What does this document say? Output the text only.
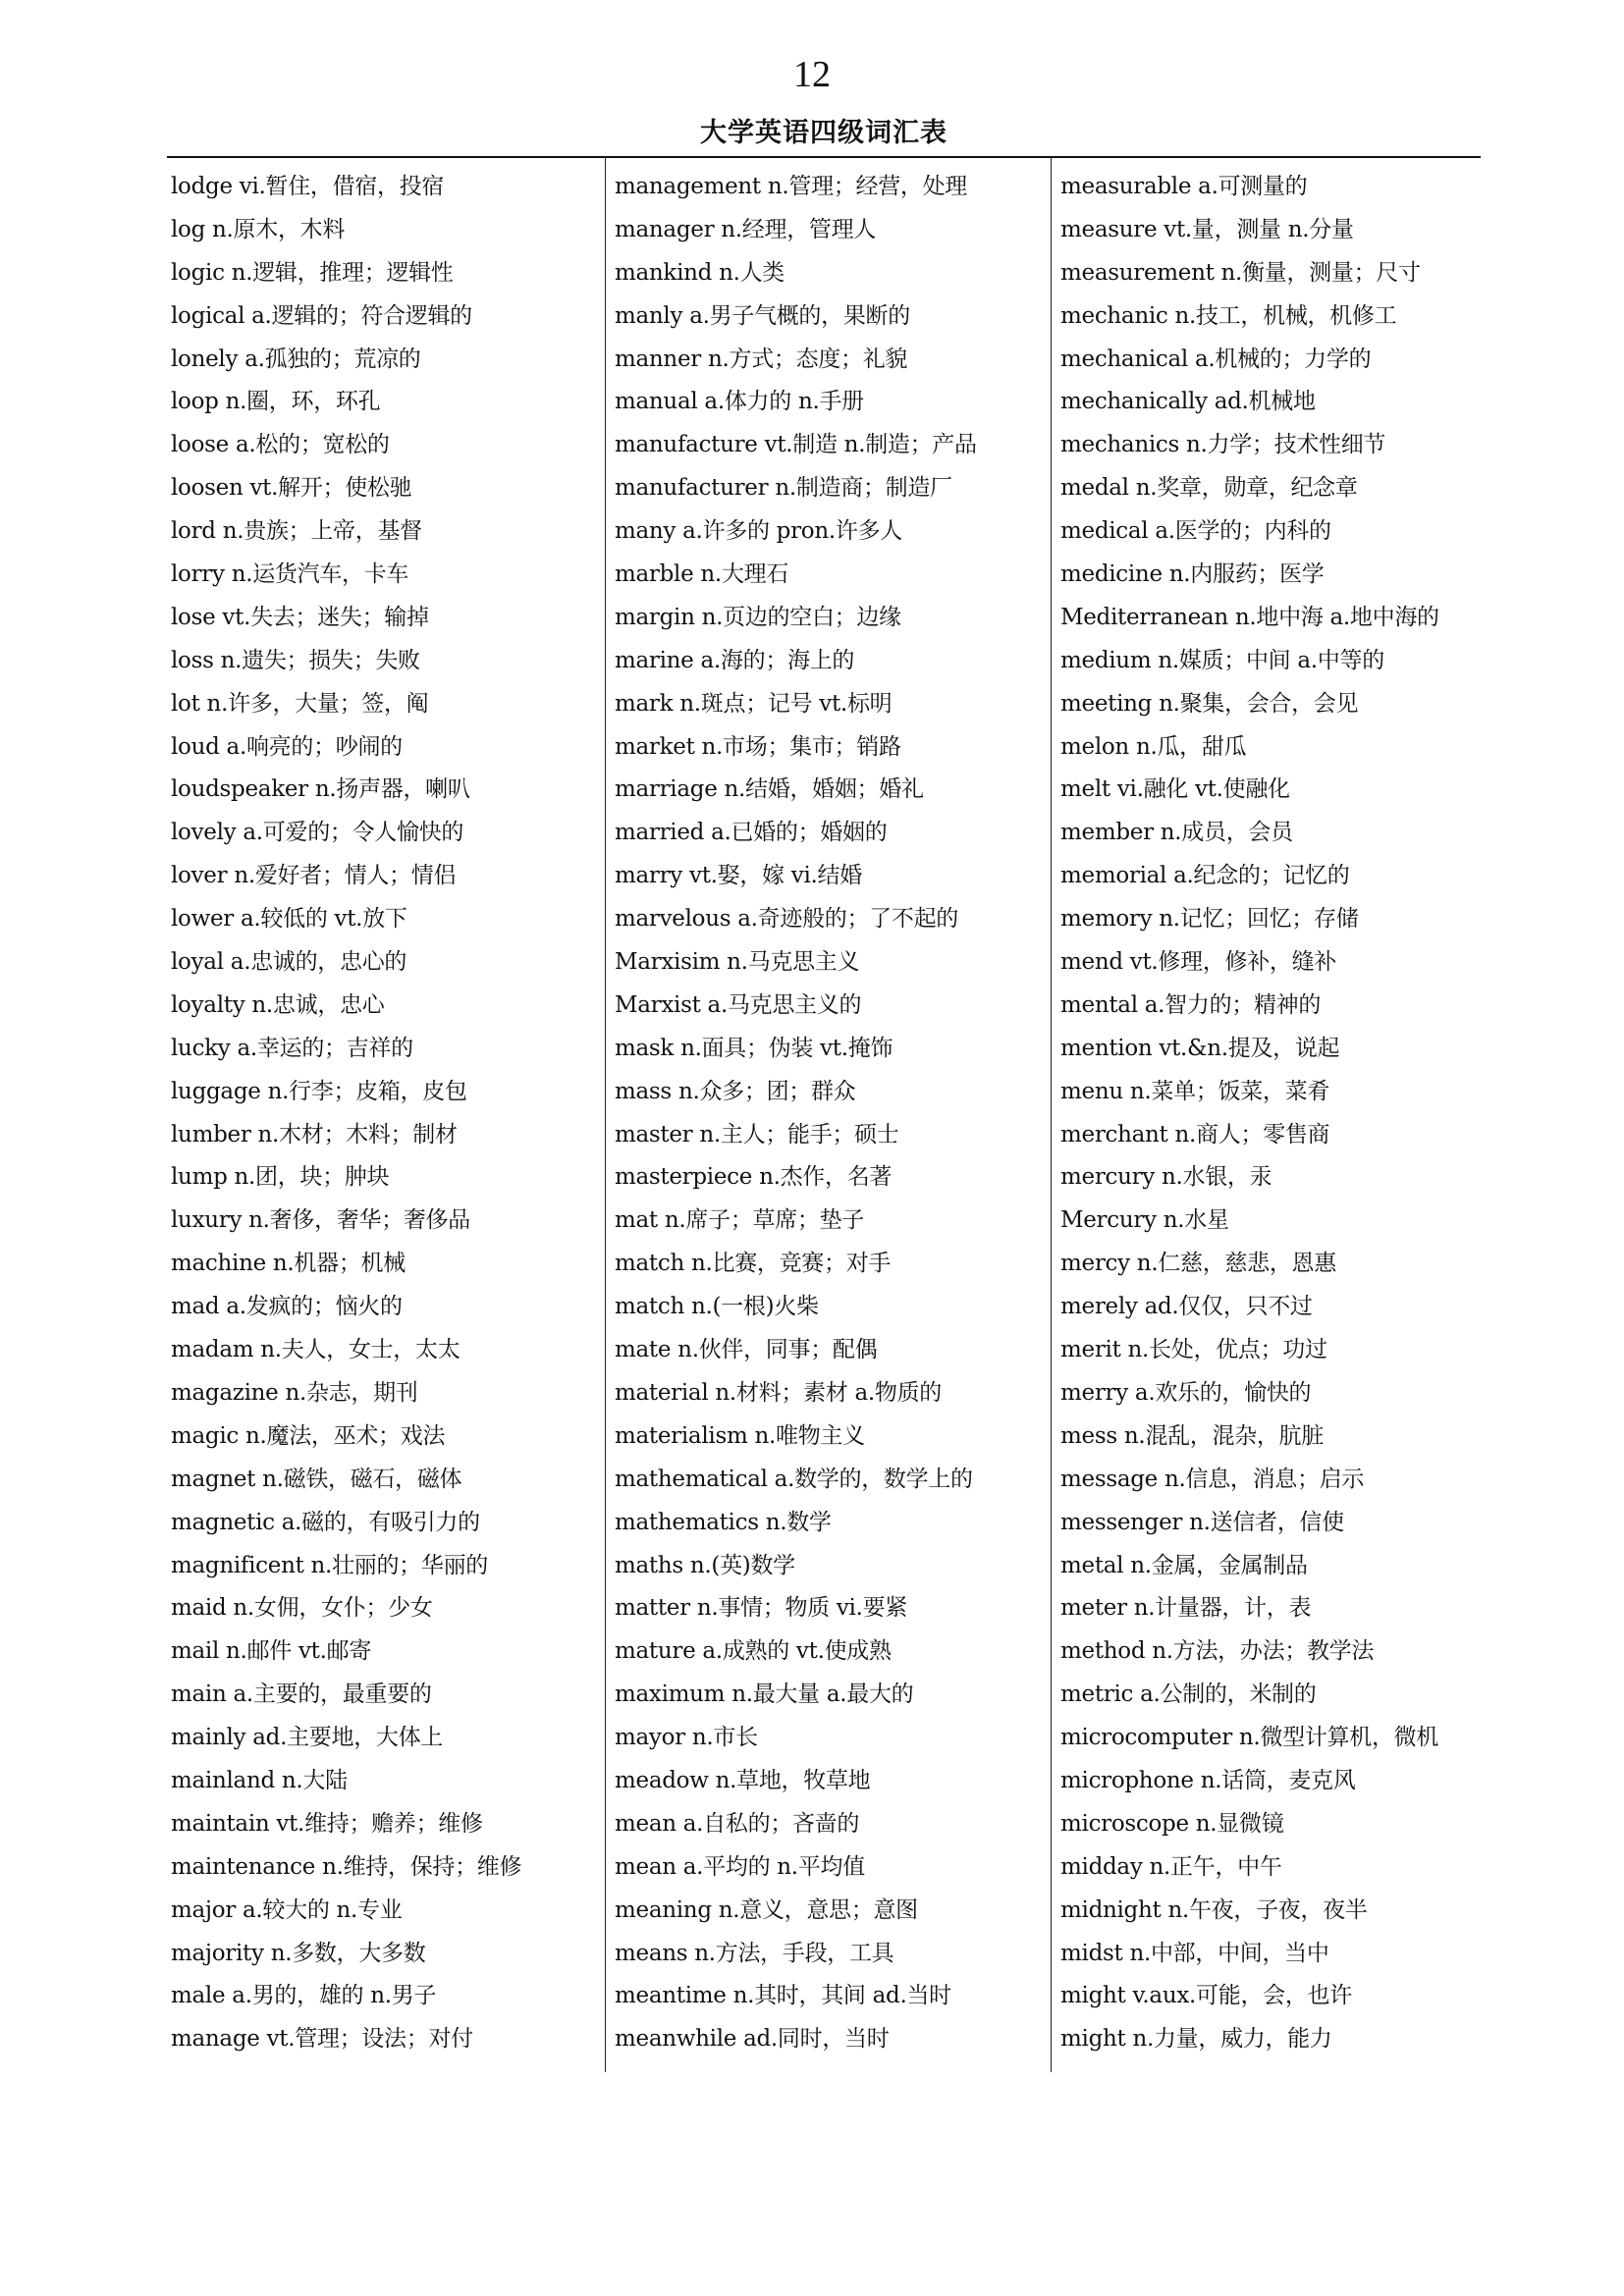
12
大学英语四级词汇表
lodge vi.暂住，借宿，投宿
log n.原木，木料
logic n.逻辑，推理；逻辑性
logical a.逻辑的；符合逻辑的
lonely a.孤独的；荒凉的
loop n.圈，环，环孔
loose a.松的；宽松的
loosen vt.解开；使松驰
lord n.贵族；上帝，基督
lorry n.运货汽车，卡车
lose vt.失去；迷失；输掉
loss n.遗失；损失；失败
lot n.许多，大量；签，阄
loud a.响亮的；吵闹的
loudspeaker n.扬声器，喇叭
lovely a.可爱的；令人愉快的
lover n.爱好者；情人；情侣
lower a.较低的 vt.放下
loyal a.忠诚的，忠心的
loyalty n.忠诚，忠心
lucky a.幸运的；吉祥的
luggage n.行李；皮箱，皮包
lumber n.木材；木料；制材
lump n.团，块；肿块
luxury n.奢侈，奢华；奢侈品
machine n.机器；机械
mad a.发疯的；恼火的
madam n.夫人，女士，太太
magazine n.杂志，期刊
magic n.魔法，巫术；戏法
magnet n.磁铁，磁石，磁体
magnetic a.磁的，有吸引力的
magnificent n.壮丽的；华丽的
maid n.女佣，女仆；少女
mail n.邮件 vt.邮寄
main a.主要的，最重要的
mainly ad.主要地，大体上
mainland n.大陆
maintain vt.维持；赡养；维修
maintenance n.维持，保持；维修
major a.较大的 n.专业
majority n.多数，大多数
male a.男的，雄的 n.男子
manage vt.管理；设法；对付
management n.管理；经营，处理
manager n.经理，管理人
mankind n.人类
manly a.男子气概的，果断的
manner n.方式；态度；礼貌
manual a.体力的 n.手册
manufacture vt.制造 n.制造；产品
manufacturer n.制造商；制造厂
many a.许多的 pron.许多人
marble n.大理石
margin n.页边的空白；边缘
marine a.海的；海上的
mark n.斑点；记号 vt.标明
market n.市场；集市；销路
marriage n.结婚，婚姻；婚礼
married a.已婚的；婚姻的
marry vt.娶，嫁 vi.结婚
marvelous a.奇迹般的；了不起的
Marxisim n.马克思主义
Marxist a.马克思主义的
mask n.面具；伪装 vt.掩饰
mass n.众多；团；群众
master n.主人；能手；硕士
masterpiece n.杰作，名著
mat n.席子；草席；垫子
match n.比赛，竞赛；对手
match n.(一根)火柴
mate n.伙伴，同事；配偶
material n.材料；素材 a.物质的
materialism n.唯物主义
mathematical a.数学的，数学上的
mathematics n.数学
maths n.(英)数学
matter n.事情；物质 vi.要紧
mature a.成熟的 vt.使成熟
maximum n.最大量 a.最大的
mayor n.市长
meadow n.草地，牧草地
mean a.自私的；吝啬的
mean a.平均的 n.平均值
meaning n.意义，意思；意图
means n.方法，手段，工具
meantime n.其时，其间 ad.当时
meanwhile ad.同时，当时
measurable a.可测量的
measure vt.量，测量 n.分量
measurement n.衡量，测量；尺寸
mechanic n.技工，机械，机修工
mechanical a.机械的；力学的
mechanically ad.机械地
mechanics n.力学；技术性细节
medal n.奖章，勋章，纪念章
medical a.医学的；内科的
medicine n.内服药；医学
Mediterranean n.地中海 a.地中海的
medium n.媒质；中间 a.中等的
meeting n.聚集，会合，会见
melon n.瓜，甜瓜
melt vi.融化 vt.使融化
member n.成员，会员
memorial a.纪念的；记忆的
memory n.记忆；回忆；存储
mend vt.修理，修补，缝补
mental a.智力的；精神的
mention vt.&n.提及，说起
menu n.菜单；饭菜，菜肴
merchant n.商人；零售商
mercury n.水银，汞
Mercury n.水星
mercy n.仁慈，慈悲，恩惠
merely ad.仅仅，只不过
merit n.长处，优点；功过
merry a.欢乐的，愉快的
mess n.混乱，混杂，肮脏
message n.信息，消息；启示
messenger n.送信者，信使
metal n.金属，金属制品
meter n.计量器，计，表
method n.方法，办法；教学法
metric a.公制的，米制的
microcomputer n.微型计算机，微机
microphone n.话筒，麦克风
microscope n.显微镜
midday n.正午，中午
midnight n.午夜，子夜，夜半
midst n.中部，中间，当中
might v.aux.可能，会，也许
might n.力量，威力，能力
